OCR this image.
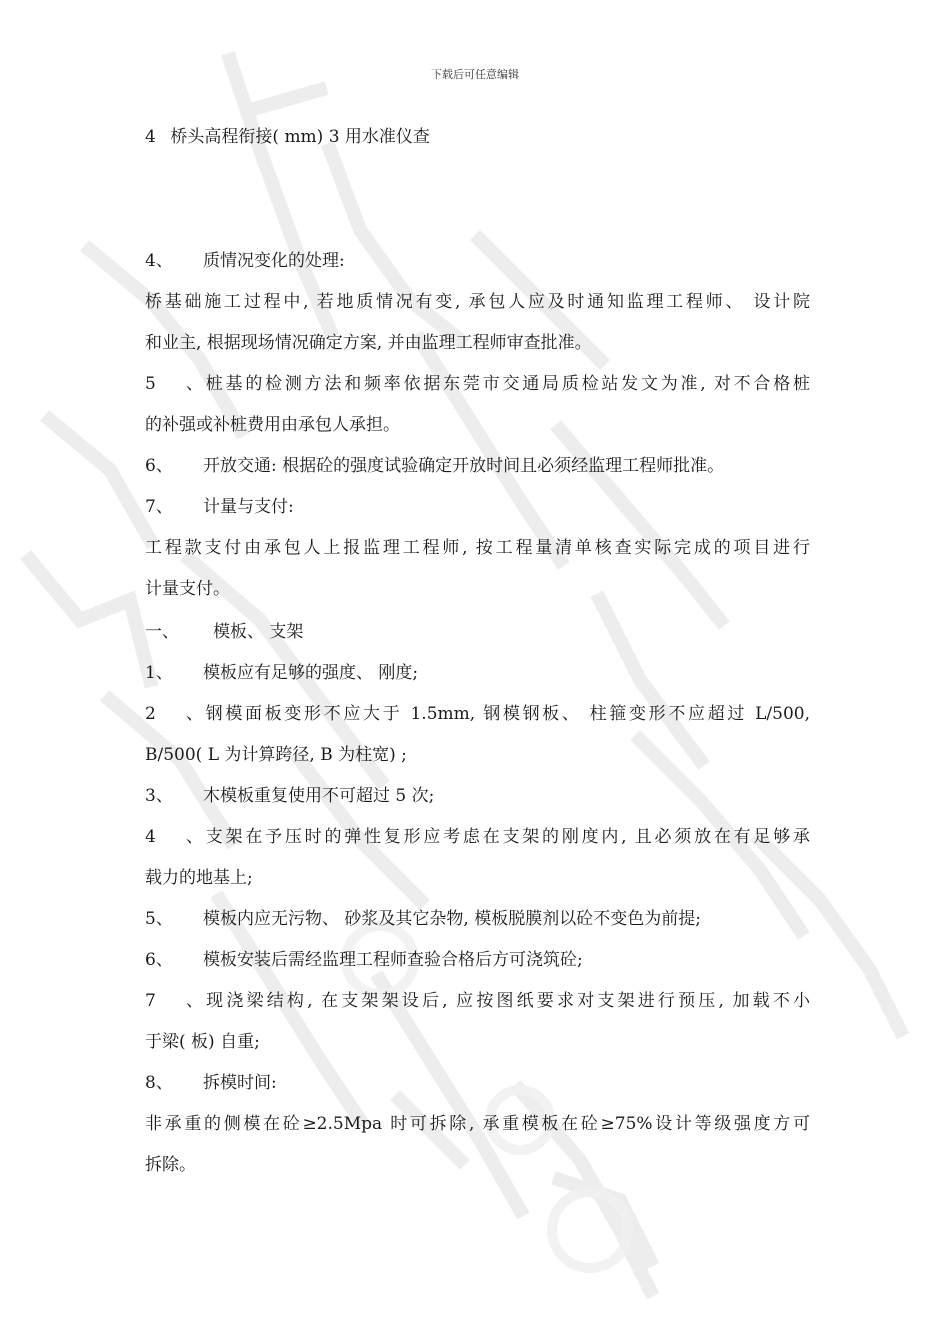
下载后可任意编辑
4 桥头高程衔接( mm) 3 用水准仪查
4、 质情况变化的处理:
桥基础施工过程中, 若地质情况有变, 承包人应及时通知监理工程师、 设计院
和业主, 根据现场情况确定方案, 并由监理工程师审查批准。
5、桩基的检测方法和频率依据东莞市交通局质检站发文为准, 对不合格桩
的补强或补桩费用由承包人承担。
6、 开放交通: 根据砼的强度试验确定开放时间且必须经监理工程师批准。
7、 计量与支付:
工程款支付由承包人上报监理工程师, 按工程量清单核查实际完成的项目进行
计量支付。
一、 模板、 支架
1、 模板应有足够的强度、 刚度;
2、钢模面板变形不应大于 1.5mm, 钢模钢板、 柱箍变形不应超过 L/500,
B/500( L 为计算跨径, B 为柱宽) ;
3、 木模板重复使用不可超过 5 次;
4、支架在予压时的弹性复形应考虑在支架的刚度内, 且必须放在有足够承
载力的地基上;
5、 模板内应无污物、 砂浆及其它杂物, 模板脱膜剂以砼不变色为前提;
6、 模板安装后需经监理工程师查验合格后方可浇筑砼;
7、现浇梁结构, 在支架架设后, 应按图纸要求对支架进行预压, 加载不小
于梁( 板) 自重;
8、 拆模时间:
非承重的侧模在砼≥2.5Mpa 时可拆除, 承重模板在砼≥75%设计等级强度方可
拆除。
